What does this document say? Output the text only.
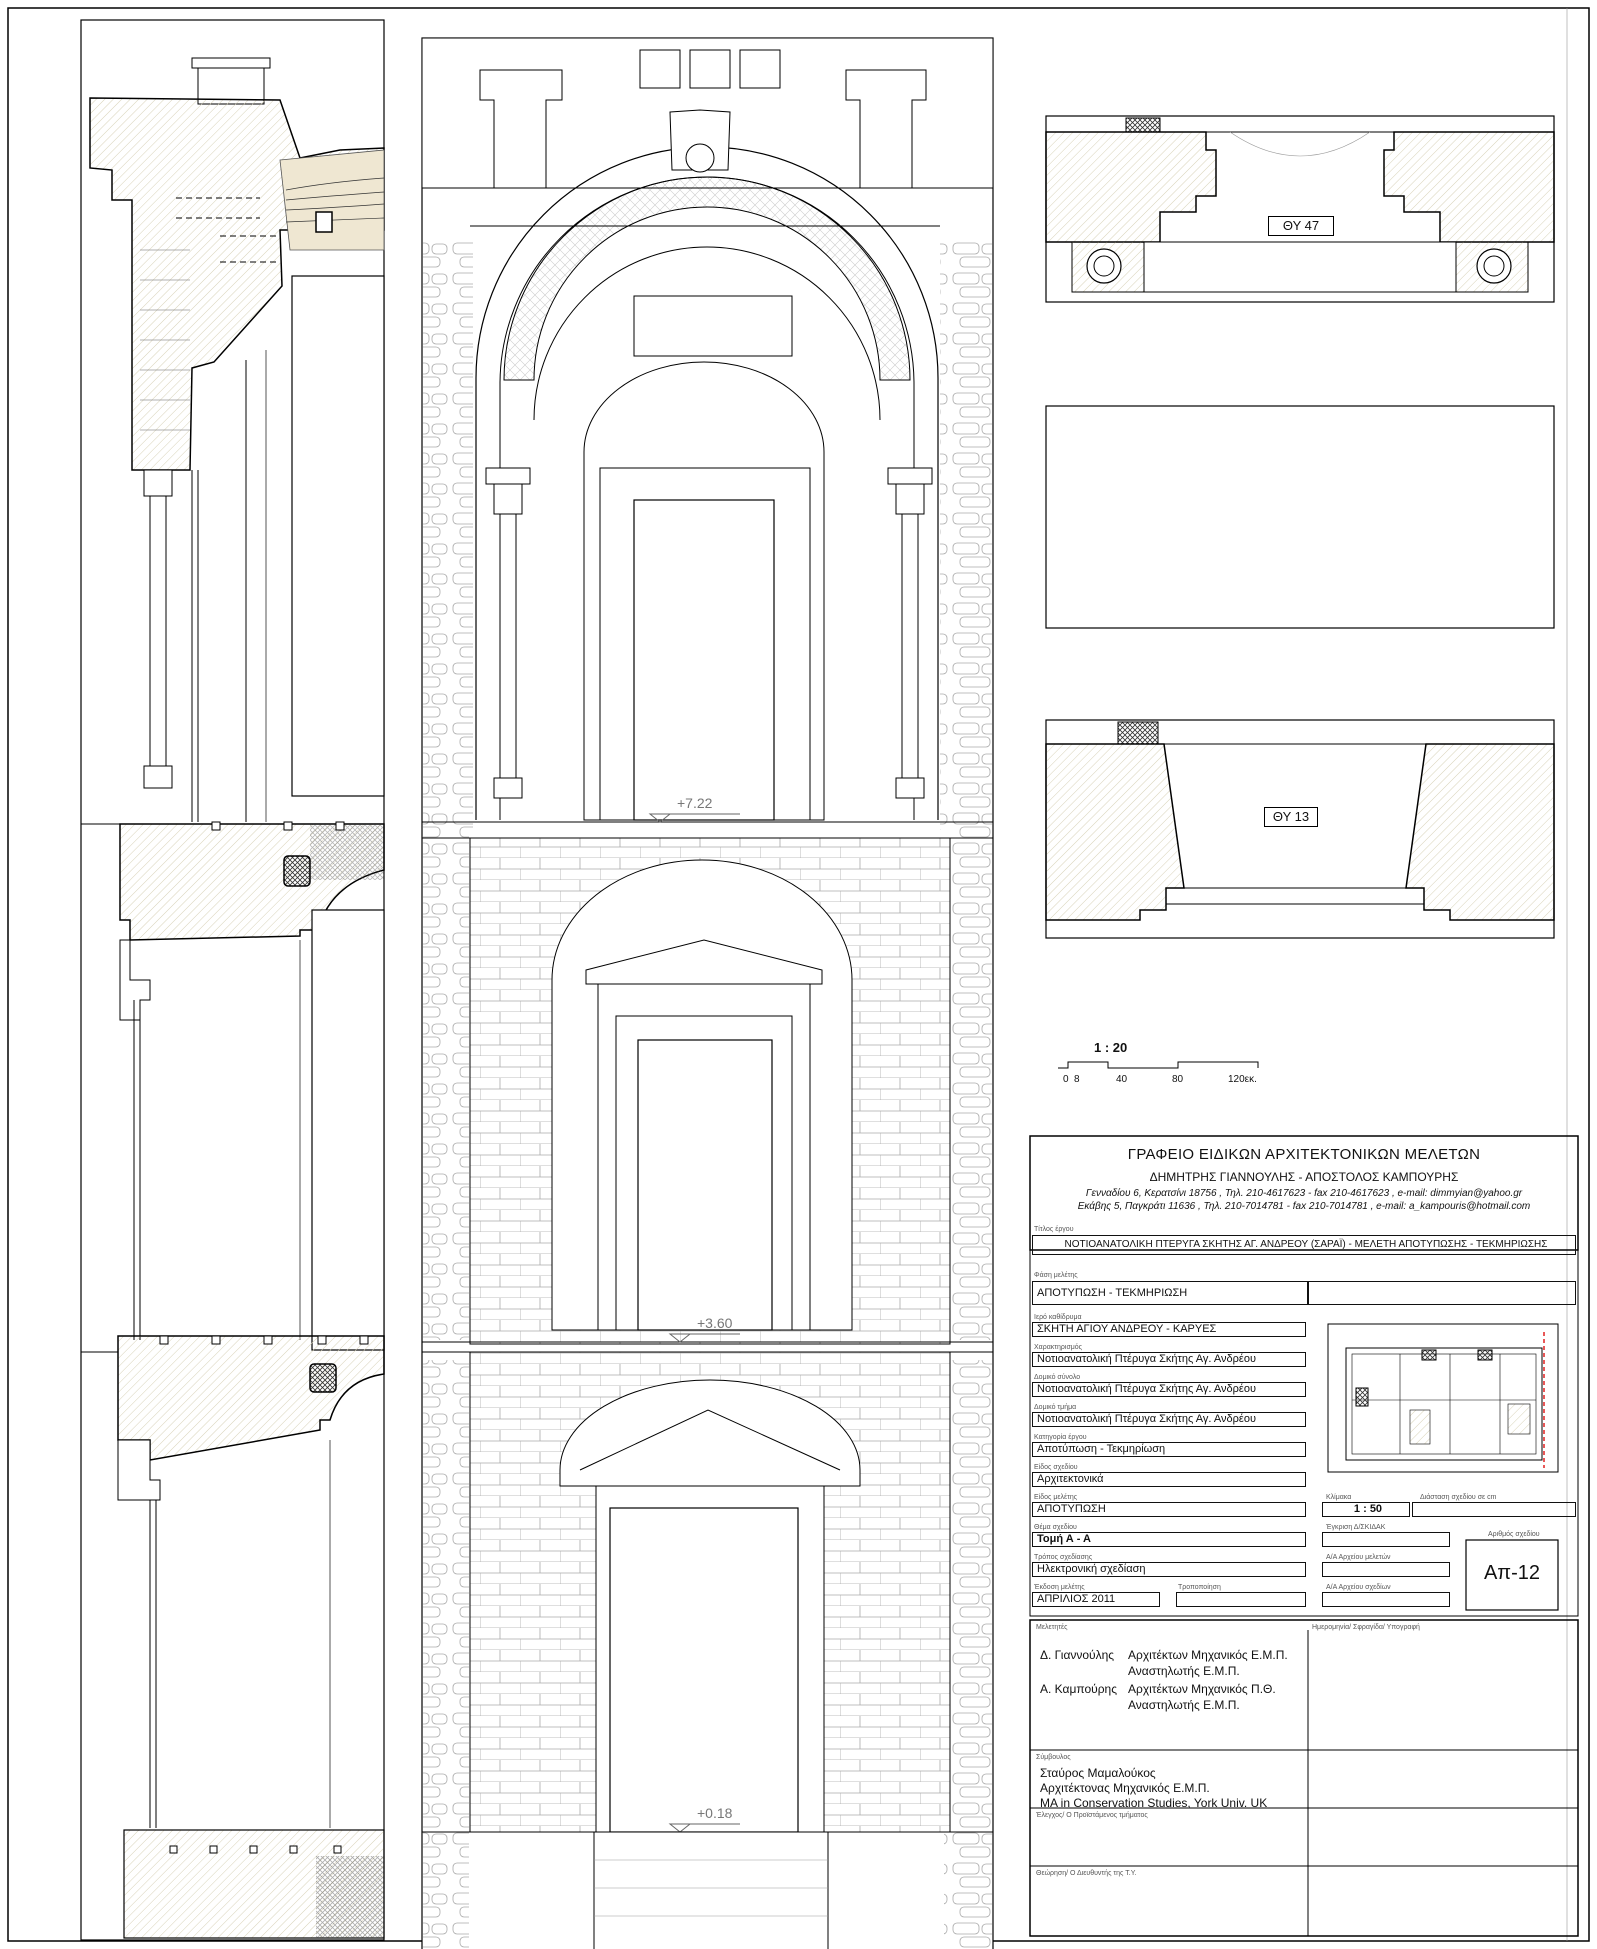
+7.22
+3.60
+0.18
ΘΥ 47
ΘΥ 13
1 : 20
0 8	40	80	120εκ.
ΓΡΑΦΕΙΟ ΕΙΔΙΚΩΝ ΑΡΧΙΤΕΚΤΟΝΙΚΩΝ ΜΕΛΕΤΩΝ
ΔΗΜΗΤΡΗΣ ΓΙΑΝΝΟΥΛΗΣ - ΑΠΟΣΤΟΛΟΣ ΚΑΜΠΟΥΡΗΣ
Γενναδίου 6, Κερατσίνι 18756 , Τηλ. 210-4617623 - fax 210-4617623 , e-mail: dimmyian@yahoo.gr
Εκάβης 5, Παγκράτι 11636 , Τηλ. 210-7014781 - fax 210-7014781 , e-mail: a_kampouris@hotmail.com
Τίτλος έργου
ΝΟΤΙΟΑΝΑΤΟΛΙΚΗ ΠΤΕΡΥΓΑ ΣΚΗΤΗΣ ΑΓ. ΑΝΔΡΕΟΥ (ΣΑΡΑΪ) - ΜΕΛΕΤΗ ΑΠΟΤΥΠΩΣΗΣ - ΤΕΚΜΗΡΙΩΣΗΣ
Φάση μελέτης
ΑΠΟΤΥΠΩΣΗ - ΤΕΚΜΗΡΙΩΣΗ
Ιερό καθίδρυμα
ΣΚΗΤΗ ΑΓΙΟΥ ΑΝΔΡΕΟΥ - ΚΑΡΥΕΣ
Χαρακτηρισμός
Νοτιοανατολική Πτέρυγα Σκήτης Αγ. Ανδρέου
Δομικό σύνολο
Νοτιοανατολική Πτέρυγα Σκήτης Αγ. Ανδρέου
Δομικό τμήμα
Νοτιοανατολική Πτέρυγα Σκήτης Αγ. Ανδρέου
Κατηγορία έργου
Αποτύπωση - Τεκμηρίωση
Είδος σχεδίου
Αρχιτεκτονικά
Είδος μελέτης
ΑΠΟΤΥΠΩΣΗ
Κλίμακα
1 : 50
Διάσταση σχεδίου σε cm
Θέμα σχεδίου
Τομή Α - Α
Έγκριση Δ/ΣΚΙΔΑΚ
Τρόπος σχεδίασης
Ηλεκτρονική σχεδίαση
Α/Α Αρχείου μελετών
Έκδοση μελέτης
ΑΠΡΙΛΙΟΣ 2011
Τροποποίηση	Α/Α Αρχείου σχεδίων
Αριθμός σχεδίου
Απ-12
Μελετητές	Ημερομηνία/ Σφραγίδα/ Υπογραφή
Δ. Γιαννούλης Αρχιτέκτων Μηχανικός Ε.Μ.Π.
Αναστηλωτής Ε.Μ.Π.
Α. Καμπούρης Αρχιτέκτων Μηχανικός Π.Θ.
Αναστηλωτής Ε.Μ.Π.
Σύμβουλος
Σταύρος Μαμαλούκος
Αρχιτέκτονας Μηχανικός Ε.Μ.Π.
MA in Conservation Studies, York Univ. UK
Έλεγχος/ Ο Προϊστάμενος τμήματος
Θεώρηση/ Ο Διευθυντής της Τ.Υ.
